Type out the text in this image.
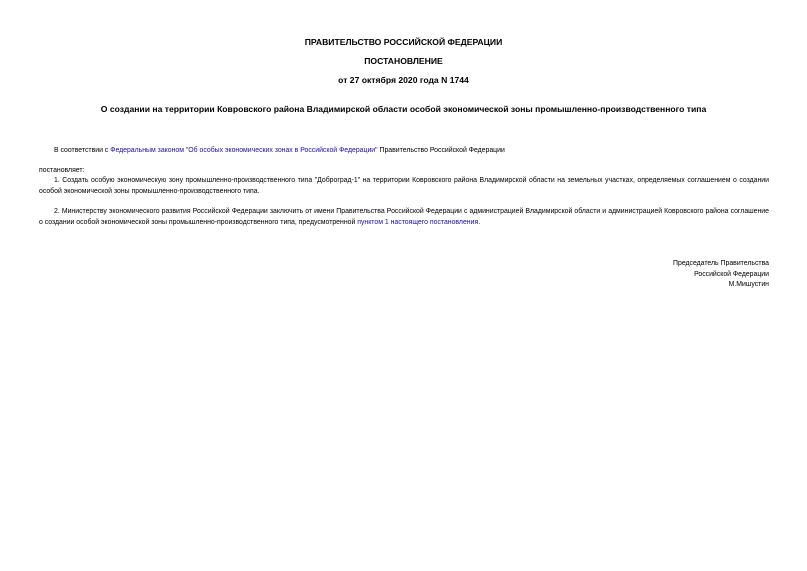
ПРАВИТЕЛЬСТВО РОССИЙСКОЙ ФЕДЕРАЦИИ
ПОСТАНОВЛЕНИЕ
от 27 октября 2020 года N 1744
О создании на территории Ковровского района Владимирской области особой экономической зоны промышленно-производственного типа
В соответствии с Федеральным законом "Об особых экономических зонах в Российской Федерации" Правительство Российской Федерации
постановляет:

1. Создать особую экономическую зону промышленно-производственного типа "Доброград-1" на территории Ковровского района Владимирской области на земельных участках, определяемых соглашением о создании особой экономической зоны промышленно-производственного типа.

2. Министерству экономического развития Российской Федерации заключить от имени Правительства Российской Федерации с администрацией Владимирской области и администрацией Ковровского района соглашение о создании особой экономической зоны промышленно-производственного типа, предусмотренной пунктом 1 настоящего постановления.

Председатель Правительства
Российской Федерации
М.Мишустин
